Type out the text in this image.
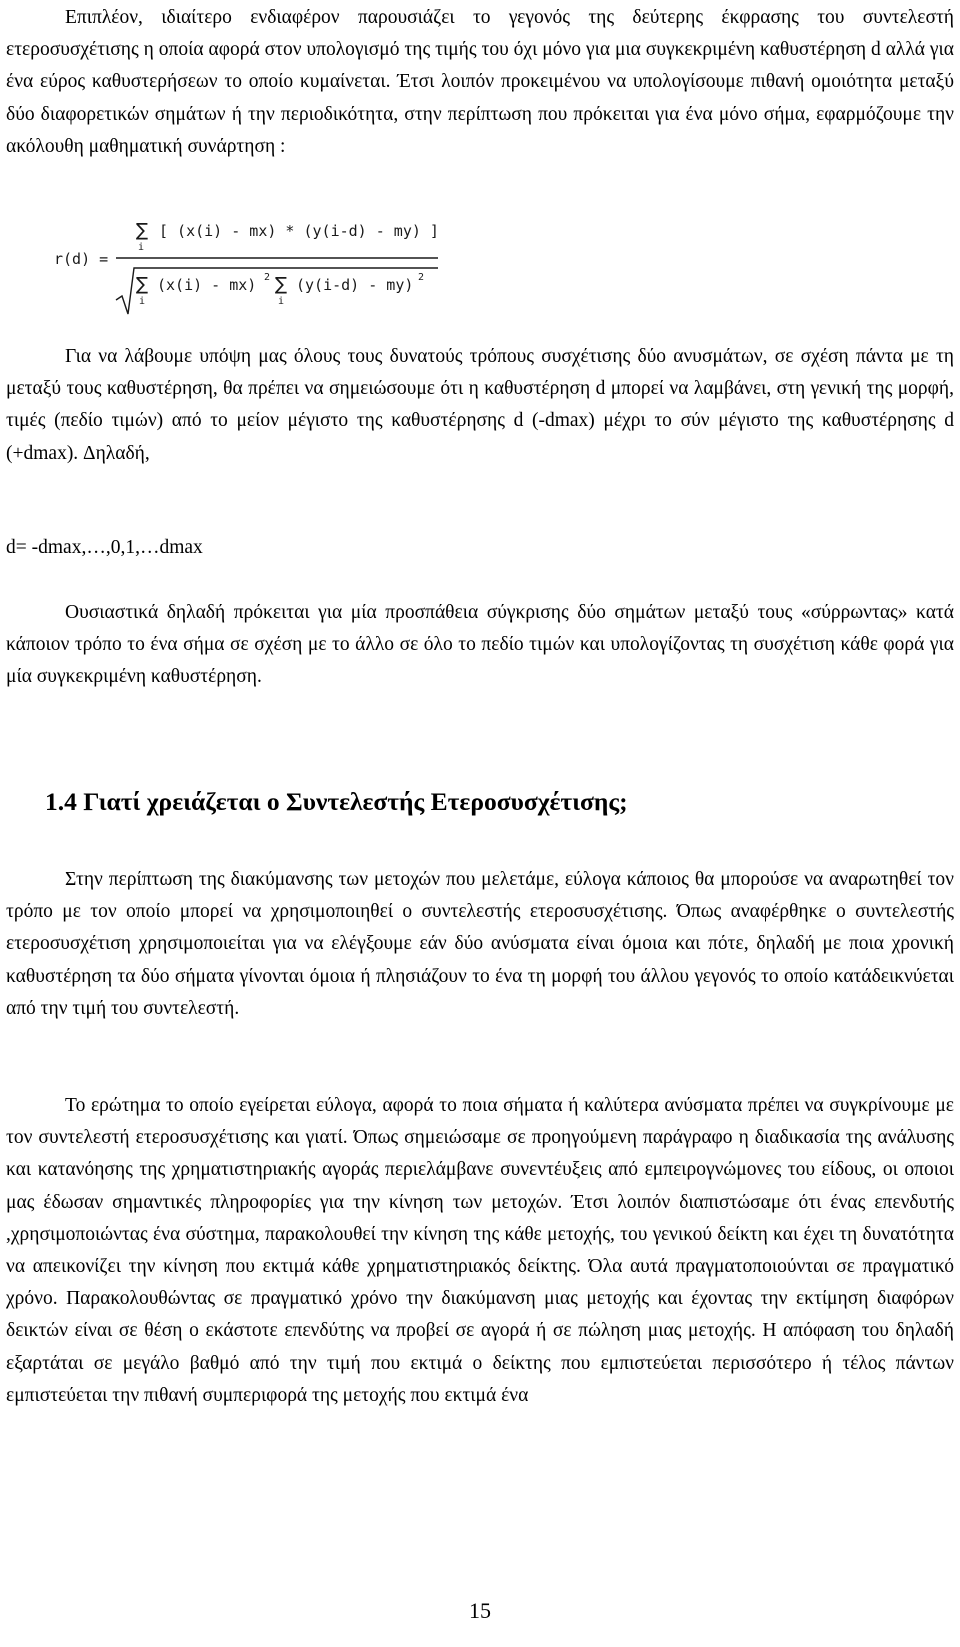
Επιπλέον, ιδιαίτερο ενδιαφέρον παρουσιάζει το γεγονός της δεύτερης έκφρασης του συντελεστή ετεροσυσχέτισης η οποία αφορά στον υπολογισμό της τιμής του όχι μόνο για μια συγκεκριμένη καθυστέρηση d αλλά για ένα εύρος καθυστερήσεων το οποίο κυμαίνεται. Έτσι λοιπόν προκειμένου να υπολογίσουμε πιθανή ομοιότητα μεταξύ δύο διαφορετικών σημάτων ή την περιοδικότητα, στην περίπτωση που πρόκειται για ένα μόνο σήμα, εφαρμόζουμε την ακόλουθη μαθηματική συνάρτηση :

r(d) =
∑
i
[ (x(i) - mx) * (y(i-d) - my) ]
∑
i
(x(i) - mx) 2 ∑
i
(y(i-d) - my) 2

Για να λάβουμε υπόψη μας όλους τους δυνατούς τρόπους συσχέτισης δύο ανυσμάτων, σε σχέση πάντα με τη μεταξύ τους καθυστέρηση, θα πρέπει να σημειώσουμε ότι η καθυστέρηση d μπορεί να λαμβάνει, στη γενική της μορφή, τιμές (πεδίο τιμών) από το μείον μέγιστο της καθυστέρησης d (-dmax) μέχρι το σύν μέγιστο της καθυστέρησης d (+dmax). Δηλαδή,

d= -dmax,…,0,1,…dmax

Ουσιαστικά δηλαδή πρόκειται για μία προσπάθεια σύγκρισης δύο σημάτων μεταξύ τους «σύρρωντας» κατά κάποιον τρόπο το ένα σήμα σε σχέση με το άλλο σε όλο το πεδίο τιμών και υπολογίζοντας τη συσχέτιση κάθε φορά για μία συγκεκριμένη καθυστέρηση.

1.4 Γιατί χρειάζεται ο Συντελεστής Ετεροσυσχέτισης;

Στην περίπτωση της διακύμανσης των μετοχών που μελετάμε, εύλογα κάποιος θα μπορούσε να αναρωτηθεί τον τρόπο με τον οποίο μπορεί να χρησιμοποιηθεί ο συντελεστής ετεροσυσχέτισης. Όπως αναφέρθηκε ο συντελεστής ετεροσυσχέτιση χρησιμοποιείται για να ελέγξουμε εάν δύο ανύσματα είναι όμοια και πότε, δηλαδή με ποια χρονική καθυστέρηση τα δύο σήματα γίνονται όμοια ή πλησιάζουν το ένα τη μορφή του άλλου γεγονός το οποίο κατάδεικνύεται από την τιμή του συντελεστή.

Το ερώτημα το οποίο εγείρεται εύλογα, αφορά το ποια σήματα ή καλύτερα ανύσματα πρέπει να συγκρίνουμε με τον συντελεστή ετεροσυσχέτισης και γιατί. Όπως σημειώσαμε σε προηγούμενη παράγραφο η διαδικασία της ανάλυσης και κατανόησης της χρηματιστηριακής αγοράς περιελάμβανε συνεντέυξεις από εμπειρογνώμονες του είδους, οι οποιοι μας έδωσαν σημαντικές πληροφορίες για την κίνηση των μετοχών. Έτσι λοιπόν διαπιστώσαμε ότι ένας επενδυτής ,χρησιμοποιώντας ένα σύστημα, παρακολουθεί την κίνηση της κάθε μετοχής, του γενικού δείκτη και έχει τη δυνατότητα να απεικονίζει την κίνηση που εκτιμά κάθε χρηματιστηριακός δείκτης. Όλα αυτά πραγματοποιούνται σε πραγματικό χρόνο. Παρακολουθώντας σε πραγματικό χρόνο την διακύμανση μιας μετοχής και έχοντας την εκτίμηση διαφόρων δεικτών είναι σε θέση ο εκάστοτε επενδύτης να προβεί σε αγορά ή σε πώληση μιας μετοχής. Η απόφαση του δηλαδή εξαρτάται σε μεγάλο βαθμό από την τιμή που εκτιμά ο δείκτης που εμπιστεύεται περισσότερο ή τέλος πάντων εμπιστεύεται την πιθανή συμπεριφορά της μετοχής που εκτιμά ένα

15
